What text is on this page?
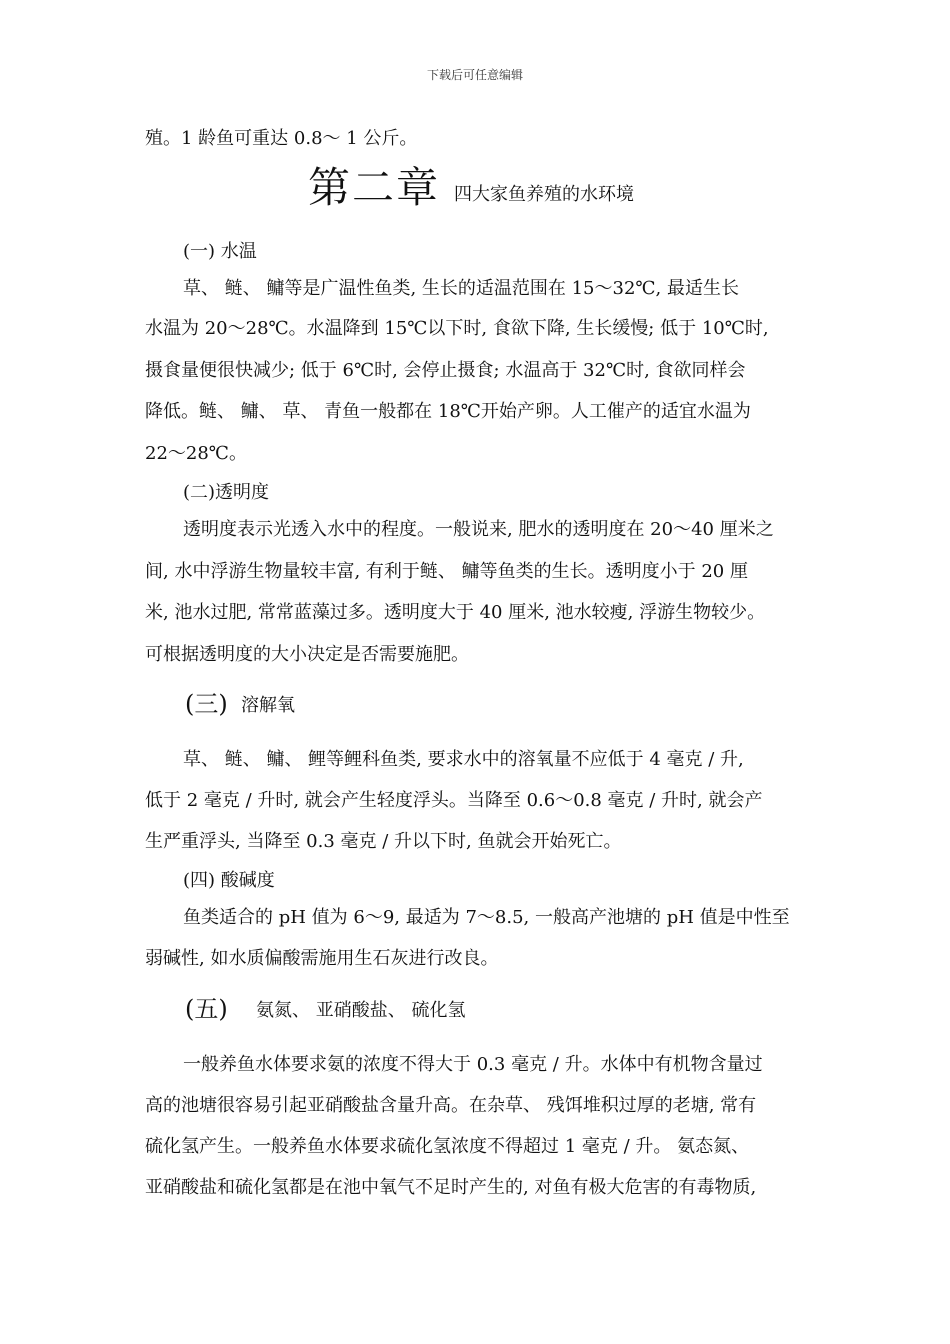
下载后可任意编辑
殖。1 龄鱼可重达 0.8～ 1 公斤。
第二章 四大家鱼养殖的水环境
(一) 水温
草、 鲢、 鳙等是广温性鱼类, 生长的适温范围在 15～32℃, 最适生长
水温为 20～28℃。水温降到 15℃以下时, 食欲下降, 生长缓慢; 低于 10℃时,
摄食量便很快减少; 低于 6℃时, 会停止摄食; 水温高于 32℃时, 食欲同样会
降低。鲢、 鳙、 草、 青鱼一般都在 18℃开始产卵。人工催产的适宜水温为
22～28℃。
(二)透明度
透明度表示光透入水中的程度。一般说来, 肥水的透明度在 20～40 厘米之
间, 水中浮游生物量较丰富, 有利于鲢、 鳙等鱼类的生长。透明度小于 20 厘
米, 池水过肥, 常常蓝藻过多。透明度大于 40 厘米, 池水较瘦, 浮游生物较少。
可根据透明度的大小决定是否需要施肥。
(三) 溶解氧
草、 鲢、 鳙、 鲤等鲤科鱼类, 要求水中的溶氧量不应低于 4 毫克 / 升,
低于 2 毫克 / 升时, 就会产生轻度浮头。当降至 0.6～0.8 毫克 / 升时, 就会产
生严重浮头, 当降至 0.3 毫克 / 升以下时, 鱼就会开始死亡。
(四) 酸碱度
鱼类适合的 pH 值为 6～9, 最适为 7～8.5, 一般高产池塘的 pH 值是中性至
弱碱性, 如水质偏酸需施用生石灰进行改良。
(五) 氨氮、 亚硝酸盐、 硫化氢
一般养鱼水体要求氨的浓度不得大于 0.3 毫克 / 升。水体中有机物含量过
高的池塘很容易引起亚硝酸盐含量升高。在杂草、 残饵堆积过厚的老塘, 常有
硫化氢产生。一般养鱼水体要求硫化氢浓度不得超过 1 毫克 / 升。 氨态氮、
亚硝酸盐和硫化氢都是在池中氧气不足时产生的, 对鱼有极大危害的有毒物质,
